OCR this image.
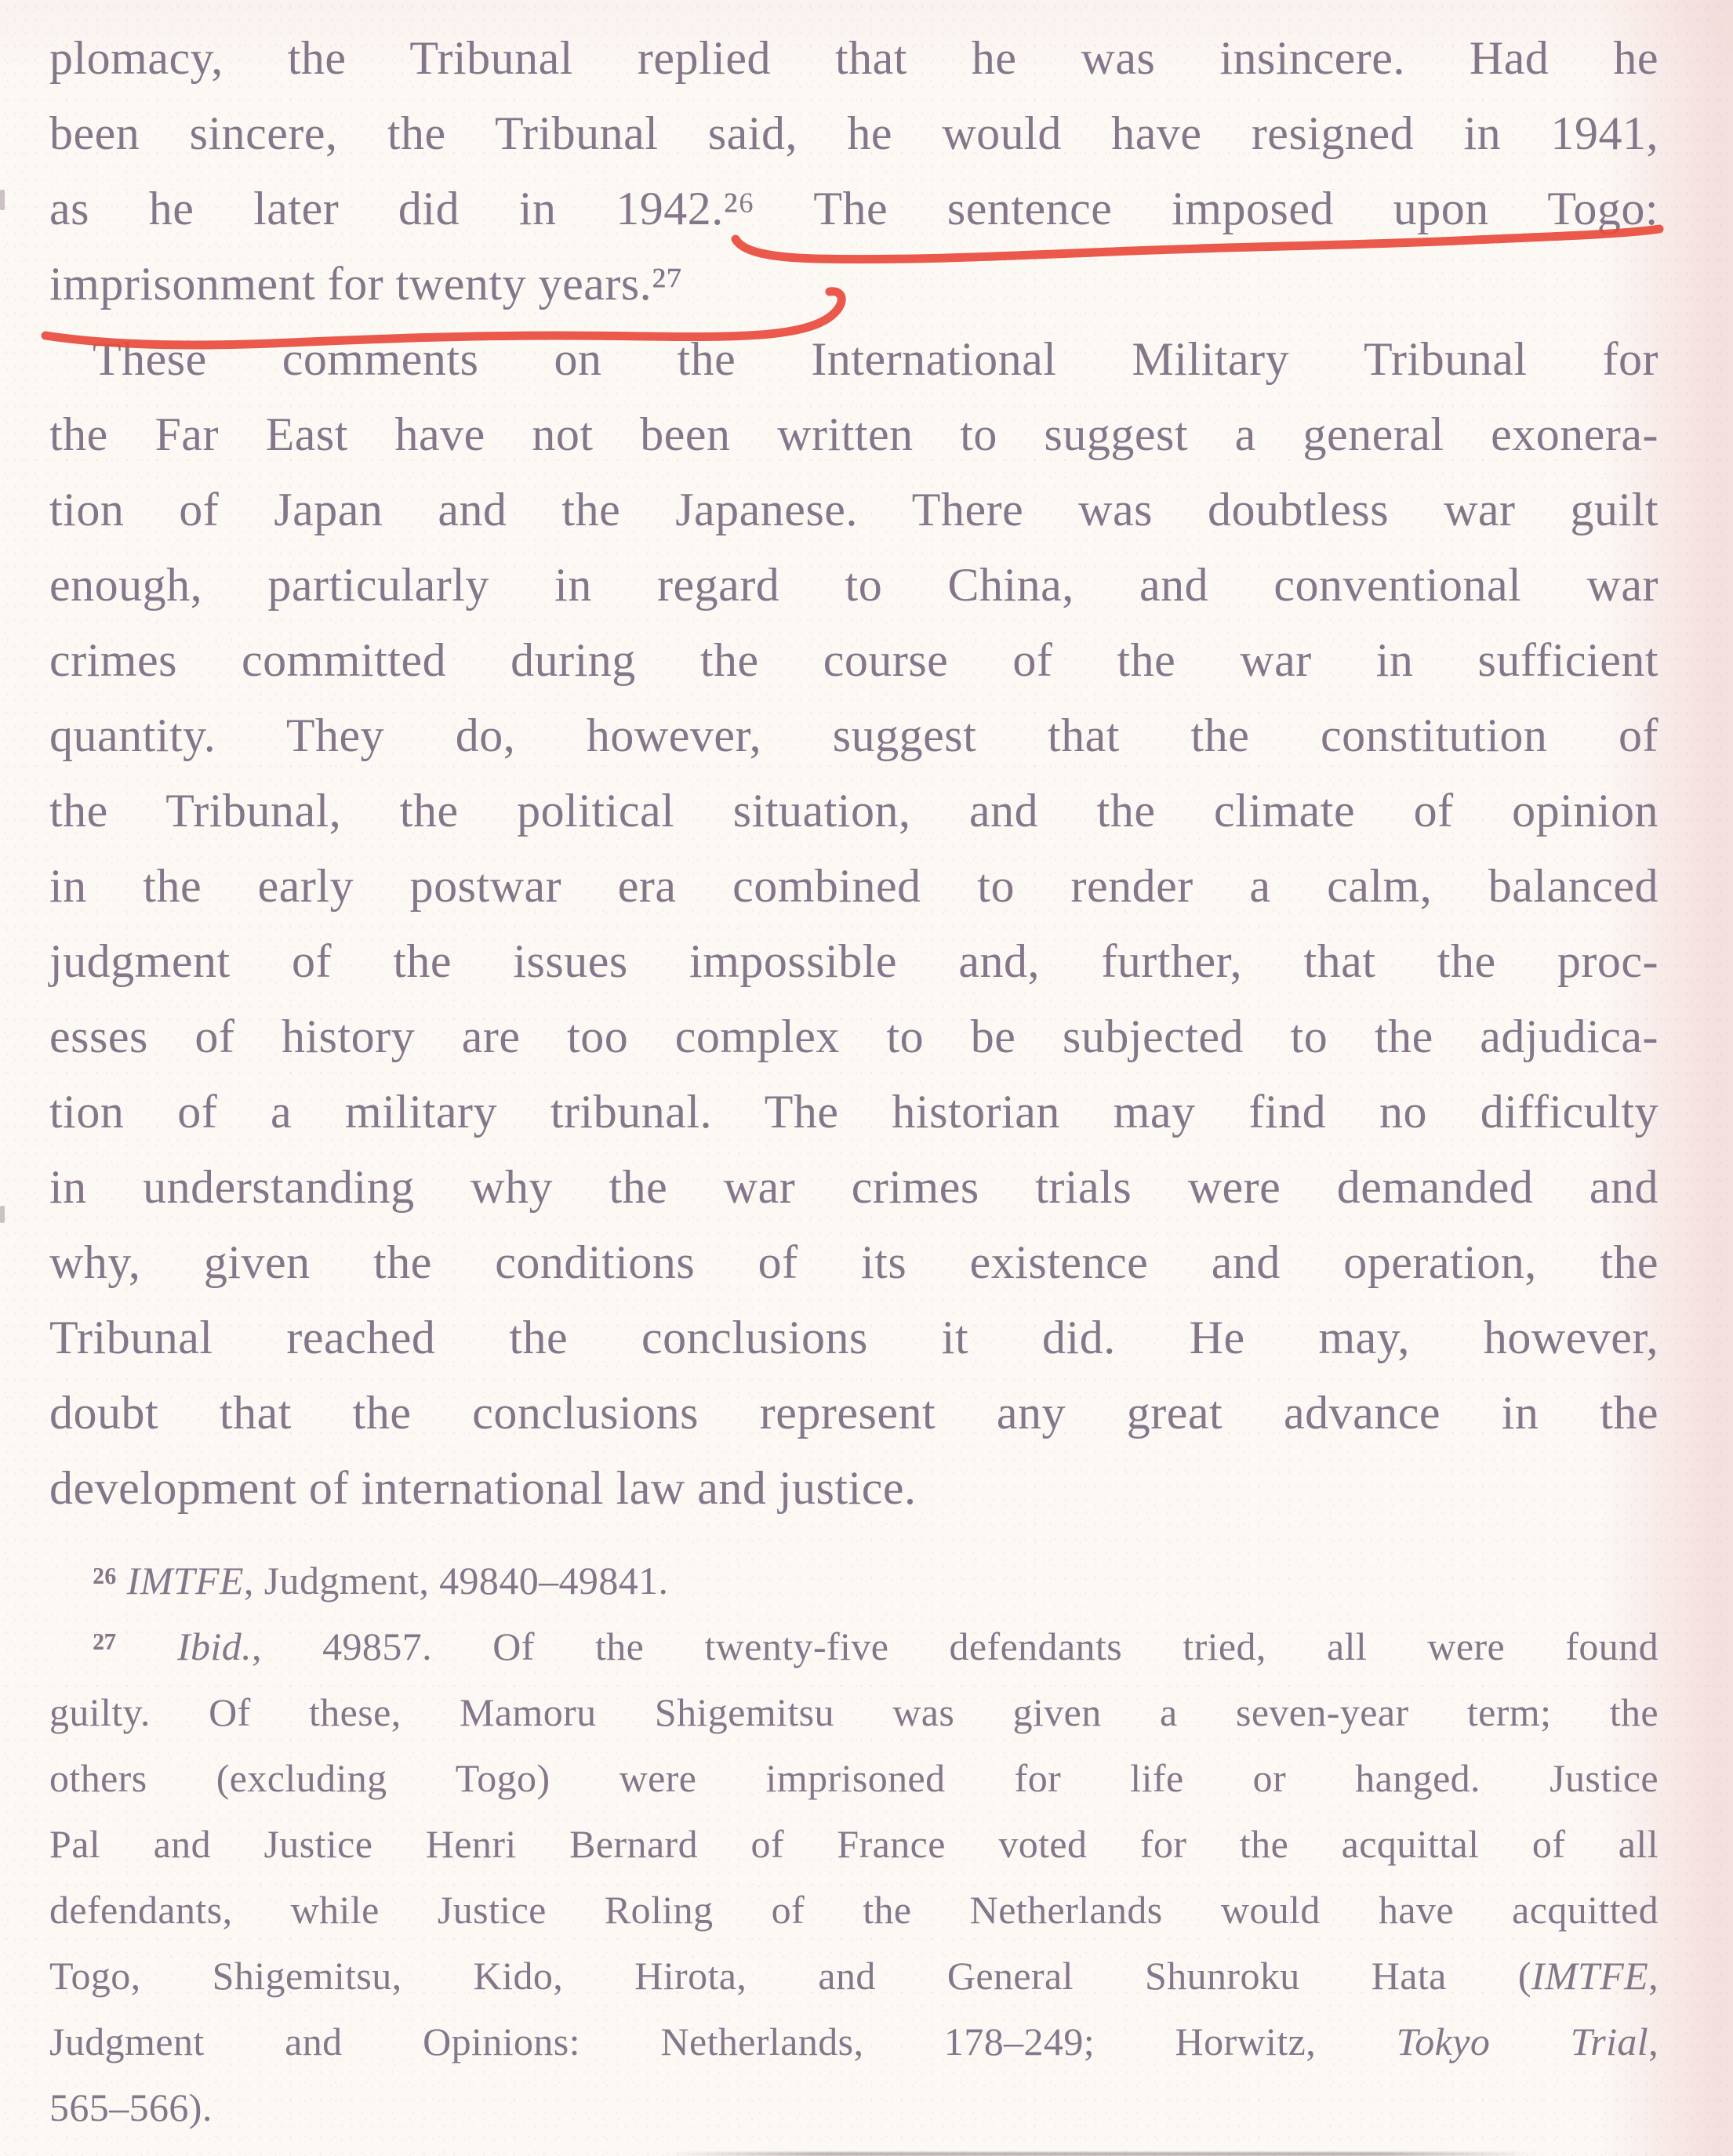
plomacy, the Tribunal replied that he was insincere. Had he
been sincere, the Tribunal said, he would have resigned in 1941,
as he later did in 1942.²⁶ The sentence imposed upon Togo:
imprisonment for twenty years.²⁷
These comments on the International Military Tribunal for
the Far East have not been written to suggest a general exonera-
tion of Japan and the Japanese. There was doubtless war guilt
enough, particularly in regard to China, and conventional war
crimes committed during the course of the war in sufficient
quantity. They do, however, suggest that the constitution of
the Tribunal, the political situation, and the climate of opinion
in the early postwar era combined to render a calm, balanced
judgment of the issues impossible and, further, that the proc-
esses of history are too complex to be subjected to the adjudica-
tion of a military tribunal. The historian may find no difficulty
in understanding why the war crimes trials were demanded and
why, given the conditions of its existence and operation, the
Tribunal reached the conclusions it did. He may, however,
doubt that the conclusions represent any great advance in the
development of international law and justice.
²⁶ IMTFE, Judgment, 49840–49841.
²⁷ Ibid., 49857. Of the twenty-five defendants tried, all were found
guilty. Of these, Mamoru Shigemitsu was given a seven-year term; the
others (excluding Togo) were imprisoned for life or hanged. Justice
Pal and Justice Henri Bernard of France voted for the acquittal of all
defendants, while Justice Roling of the Netherlands would have acquitted
Togo, Shigemitsu, Kido, Hirota, and General Shunroku Hata (IMTFE,
Judgment and Opinions: Netherlands, 178–249; Horwitz, Tokyo Trial,
565–566).
